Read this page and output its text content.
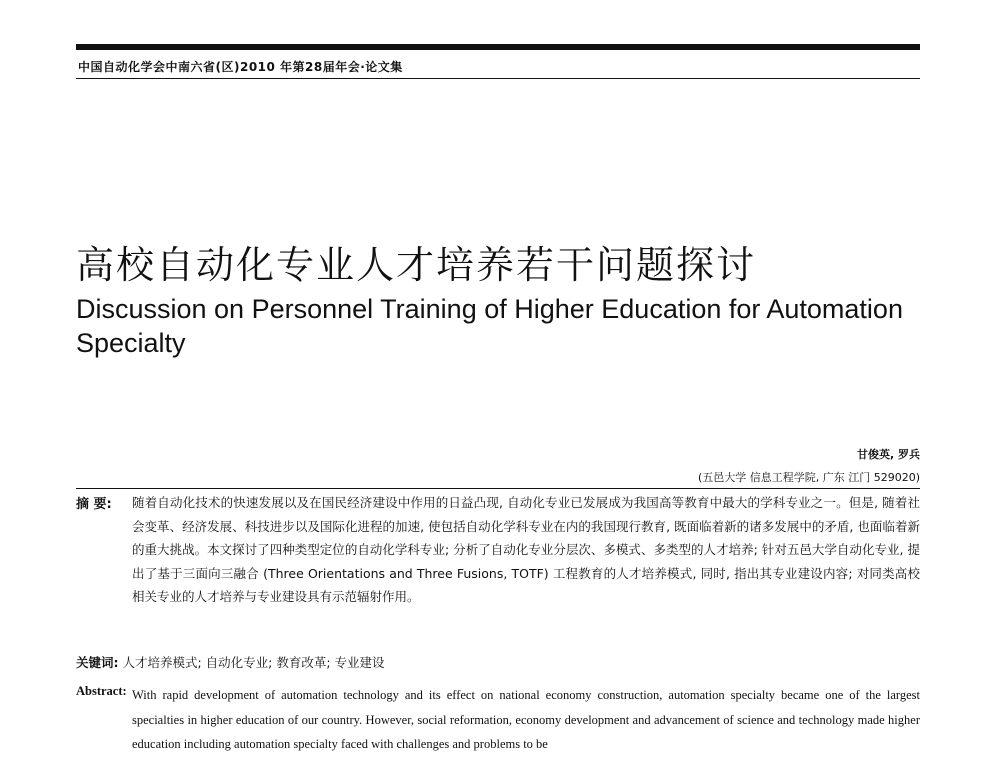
中国自动化学会中南六省(区)2010 年第28届年会·论文集
高校自动化专业人才培养若干问题探讨
Discussion on Personnel Training of Higher Education for Automation Specialty
甘俊英, 罗兵
(五邑大学 信息工程学院, 广东 江门 529020)
摘 要: 随着自动化技术的快速发展以及在国民经济建设中作用的日益凸现, 自动化专业已发展成为我国高等教育中最大的学科专业之一。但是, 随着社会变革、经济发展、科技进步以及国际化进程的加速, 使包括自动化学科专业在内的我国现行教育, 既面临着新的诸多发展中的矛盾, 也面临着新的重大挑战。本文探讨了四种类型定位的自动化学科专业; 分析了自动化专业分层次、多模式、多类型的人才培养; 针对五邑大学自动化专业, 提出了基于三面向三融合 (Three Orientations and Three Fusions, TOTF) 工程教育的人才培养模式, 同时, 指出其专业建设内容; 对同类高校相关专业的人才培养与专业建设具有示范辐射作用。
关键词: 人才培养模式; 自动化专业; 教育改革; 专业建设
Abstract: With rapid development of automation technology and its effect on national economy construction, automation specialty became one of the largest specialties in higher education of our country. However, social reformation, economy development and advancement of science and technology made higher education including automation specialty faced with challenges and problems to be
